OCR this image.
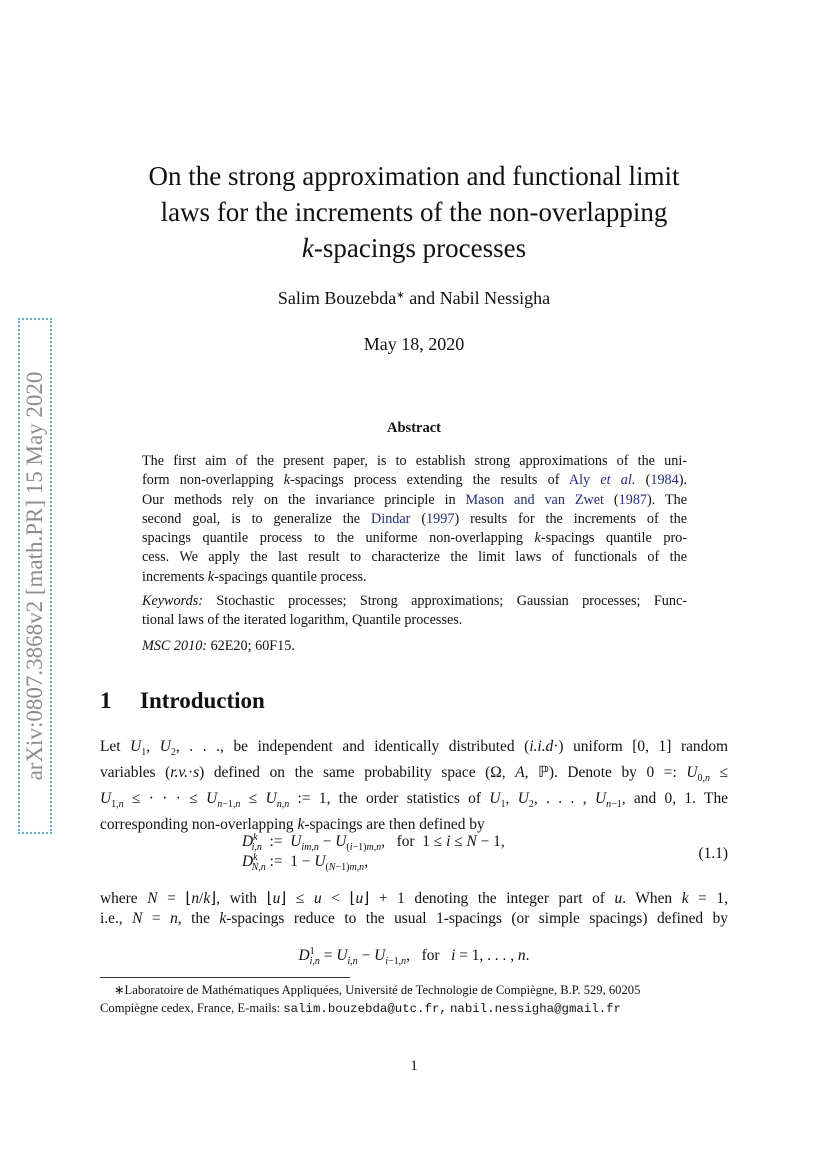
arXiv:0807.3868v2 [math.PR] 15 May 2020
On the strong approximation and functional limit
laws for the increments of the non-overlapping
k-spacings processes
Salim Bouzebda∗ and Nabil Nessigha
May 18, 2020
Abstract
The first aim of the present paper, is to establish strong approximations of the uni-
form non-overlapping k-spacings process extending the results of Aly et al. (1984).
Our methods rely on the invariance principle in Mason and van Zwet (1987). The
second goal, is to generalize the Dindar (1997) results for the increments of the
spacings quantile process to the uniforme non-overlapping k-spacings quantile pro-
cess. We apply the last result to characterize the limit laws of functionals of the
increments k-spacings quantile process.
Keywords: Stochastic processes; Strong approximations; Gaussian processes; Func-
tional laws of the iterated logarithm, Quantile processes.
MSC 2010: 62E20; 60F15.
1 Introduction
Let $U_1$, $U_2$, . . ., be independent and identically distributed (i.i.d·) uniform [0, 1] random
variables (r.v.·s) defined on the same probability space (Ω, A, ℙ). Denote by 0 =: $U_{0,n}$ ≤
$U_{1,n}$ ≤ · · · ≤ $U_{n-1,n} \le U_{n,n}$ := 1, the order statistics of $U_1$, $U_2$, . . . , $U_{n-1}$, and 0, 1. The
corresponding non-overlapping k-spacings are then defined by
$D^k_{i,n}$  :=  $U_{im,n} - U_{(i-1)m,n}$,   for  1 ≤ i ≤ N − 1,
$D^k_{N,n}$ :=  $1 - U_{(N-1)m,n}$,	(1.1)
where N = ⌊n/k⌋, with ⌊u⌋ ≤ u < ⌊u⌋ + 1 denoting the integer part of u. When k = 1,
i.e., N = n, the k-spacings reduce to the usual 1-spacings (or simple spacings) defined by
$D^1_{i,n} = U_{i,n} - U_{i-1,n}$,   for   i = 1, . . . , n.
∗Laboratoire de Mathématiques Appliquées, Université de Technologie de Compiègne, B.P. 529, 60205
Compiègne cedex, France, E-mails: salim.bouzebda@utc.fr, nabil.nessigha@gmail.fr
1
